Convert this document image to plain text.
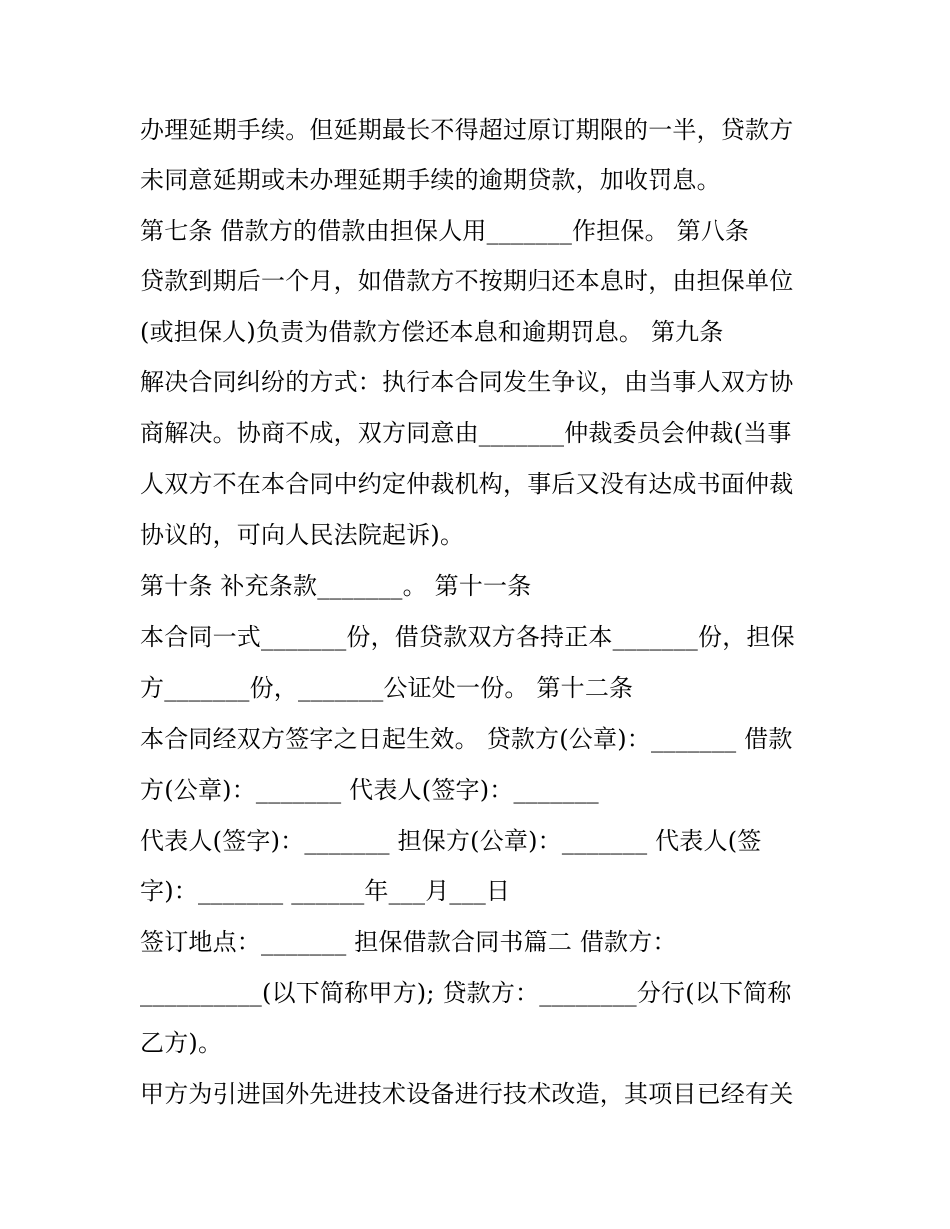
办理延期手续。但延期最长不得超过原订期限的一半，贷款方
未同意延期或未办理延期手续的逾期贷款，加收罚息。
第七条 借款方的借款由担保人用_______作担保。 第八条
贷款到期后一个月，如借款方不按期归还本息时，由担保单位
(或担保人)负责为借款方偿还本息和逾期罚息。 第九条
解决合同纠纷的方式：执行本合同发生争议，由当事人双方协
商解决。协商不成，双方同意由_______仲裁委员会仲裁(当事
人双方不在本合同中约定仲裁机构，事后又没有达成书面仲裁
协议的，可向人民法院起诉)。
第十条 补充条款_______。 第十一条
本合同一式_______份，借贷款双方各持正本_______份，担保
方_______份，_______公证处一份。 第十二条
本合同经双方签字之日起生效。 贷款方(公章)：_______ 借款
方(公章)：_______ 代表人(签字)：_______
代表人(签字)：_______ 担保方(公章)：_______ 代表人(签
字)：_______ ______年___月___日
签订地点：_______ 担保借款合同书篇二 借款方：
__________(以下简称甲方); 贷款方：________分行(以下简称
乙方)。
甲方为引进国外先进技术设备进行技术改造，其项目已经有关
